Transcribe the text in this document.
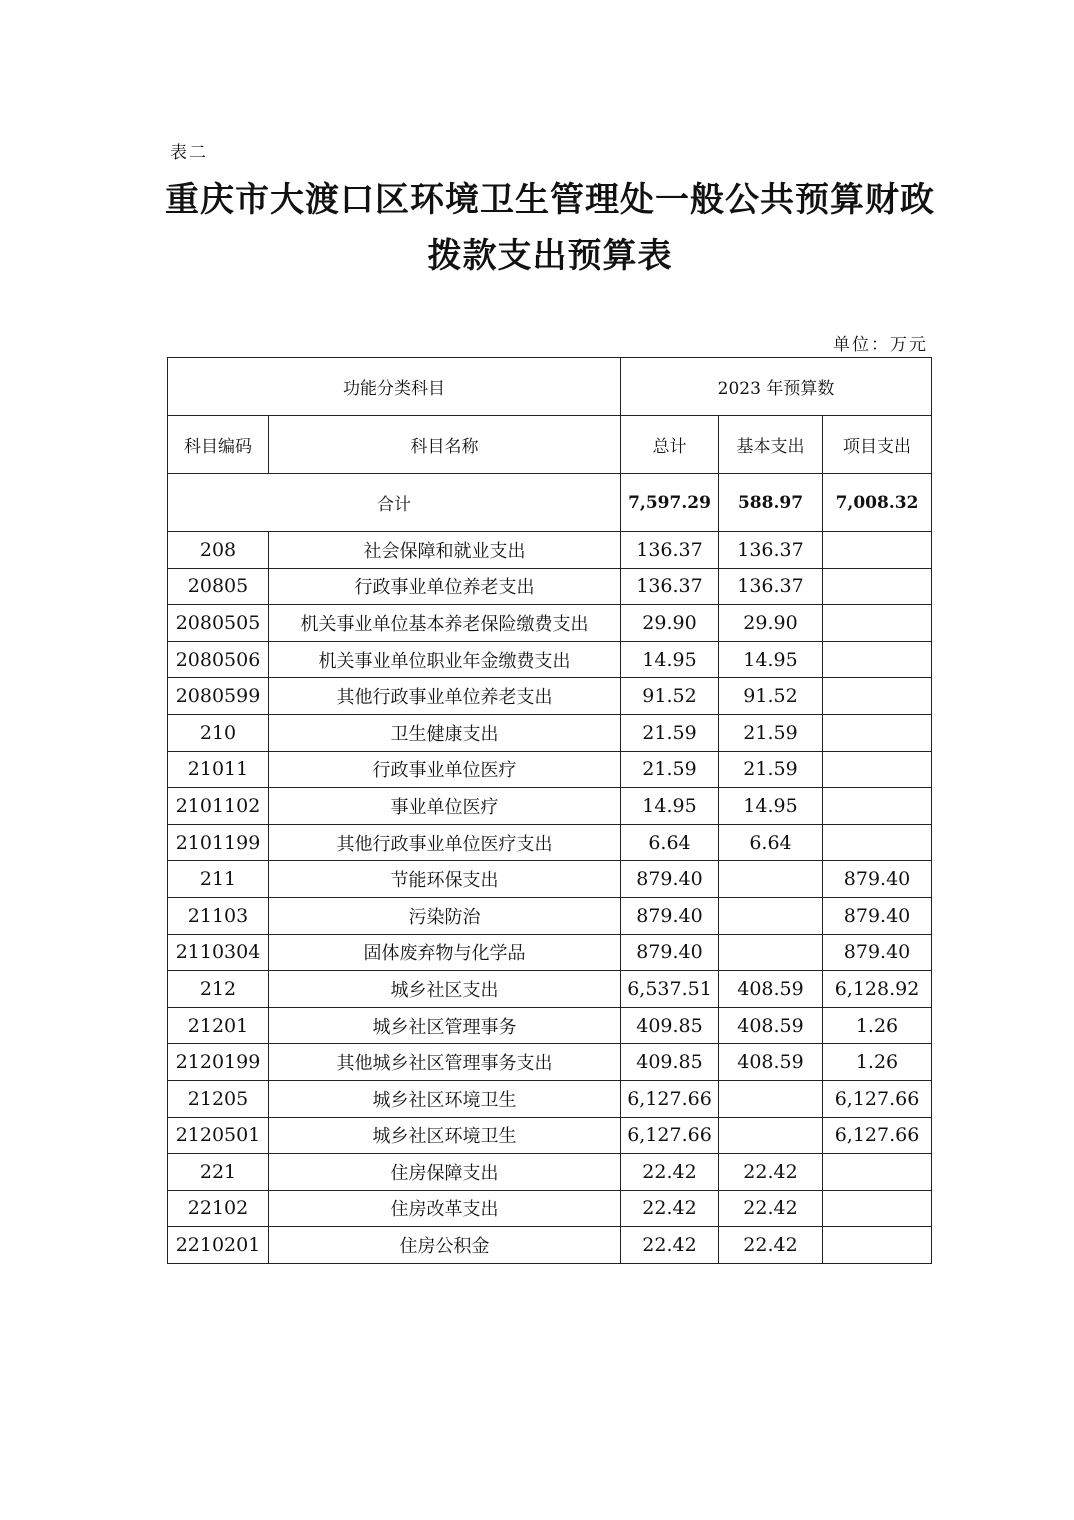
表二
重庆市大渡口区环境卫生管理处一般公共预算财政
拨款支出预算表
单位：万元
功能分类科目		2023 年预算数		
科目编码	科目名称	总计	基本支出	项目支出
合计		7,597.29	588.97	7,008.32
208	社会保障和就业支出	136.37	136.37	
20805	行政事业单位养老支出	136.37	136.37	
2080505	机关事业单位基本养老保险缴费支出	29.90	29.90	
2080506	机关事业单位职业年金缴费支出	14.95	14.95	
2080599	其他行政事业单位养老支出	91.52	91.52	
210	卫生健康支出	21.59	21.59	
21011	行政事业单位医疗	21.59	21.59	
2101102	事业单位医疗	14.95	14.95	
2101199	其他行政事业单位医疗支出	6.64	6.64	
211	节能环保支出	879.40		879.40
21103	污染防治	879.40		879.40
2110304	固体废弃物与化学品	879.40		879.40
212	城乡社区支出	6,537.51	408.59	6,128.92
21201	城乡社区管理事务	409.85	408.59	1.26
2120199	其他城乡社区管理事务支出	409.85	408.59	1.26
21205	城乡社区环境卫生	6,127.66		6,127.66
2120501	城乡社区环境卫生	6,127.66		6,127.66
221	住房保障支出	22.42	22.42	
22102	住房改革支出	22.42	22.42	
2210201	住房公积金	22.42	22.42	
